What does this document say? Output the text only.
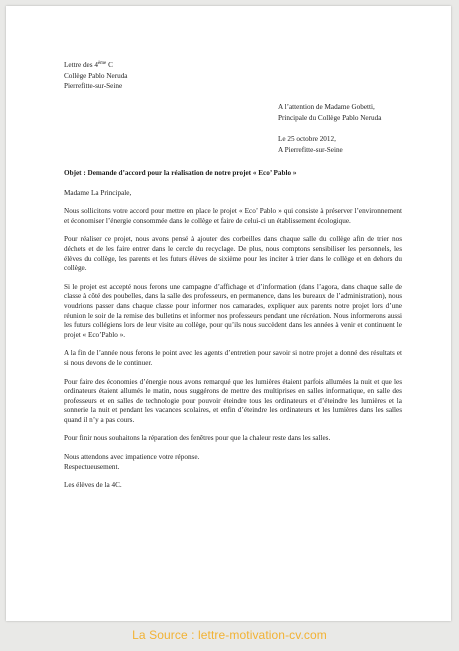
Lettre des 4ème C
Collège Pablo Neruda
Pierrefitte-sur-Seine
A l’attention de Madame Gobetti,
Principale du Collège Pablo Neruda
Le 25 octobre 2012,
A Pierrefitte-sur-Seine

Objet : Demande d’accord pour la réalisation de notre projet « Eco’ Pablo »

Madame La Principale,

Nous sollicitons votre accord pour mettre en place le projet « Eco’ Pablo » qui consiste à préserver l’environnement et économiser l’énergie consommée dans le collège et faire de celui-ci un établissement écologique.

Pour réaliser ce projet, nous avons pensé à ajouter des corbeilles dans chaque salle du collège afin de trier nos déchets et de les faire entrer dans le cercle du recyclage. De plus, nous comptons sensibiliser les personnels, les élèves du collège, les parents et les futurs élèves de sixième pour les inciter à trier dans le collège et en dehors du collège.

Si le projet est accepté nous ferons une campagne d’affichage et d’information (dans l’agora, dans chaque salle de classe à côté des poubelles, dans la salle des professeurs, en permanence, dans les bureaux de l’administration), nous voudrions passer dans chaque classe pour informer nos camarades, expliquer aux parents notre projet lors d’une réunion le soir de la remise des bulletins et informer nos professeurs pendant une récréation. Nous informerons aussi les futurs collégiens lors de leur visite au collège, pour qu’ils nous succèdent dans les années à venir et continuent le projet « Eco’Pablo ».

A la fin de l’année nous ferons le point avec les agents d’entretien pour savoir si notre projet a donné des résultats et si nous devons de le continuer.

Pour faire des économies d’énergie nous avons remarqué que les lumières étaient parfois allumées la nuit et que les ordinateurs étaient allumés le matin, nous suggérons de mettre des multiprises en salles informatique, en salle des professeurs et en salles de technologie pour pouvoir éteindre tous les ordinateurs et d’éteindre les lumières et la sonnerie la nuit et pendant les vacances scolaires, et enfin d’éteindre les ordinateurs et les lumières dans les salles quand il n’y a pas cours.

Pour finir nous souhaitons la réparation des fenêtres pour que la chaleur reste dans les salles.

Nous attendons avec impatience votre réponse.

Respectueusement.

Les élèves de la 4C.

La Source : lettre-motivation-cv.com
